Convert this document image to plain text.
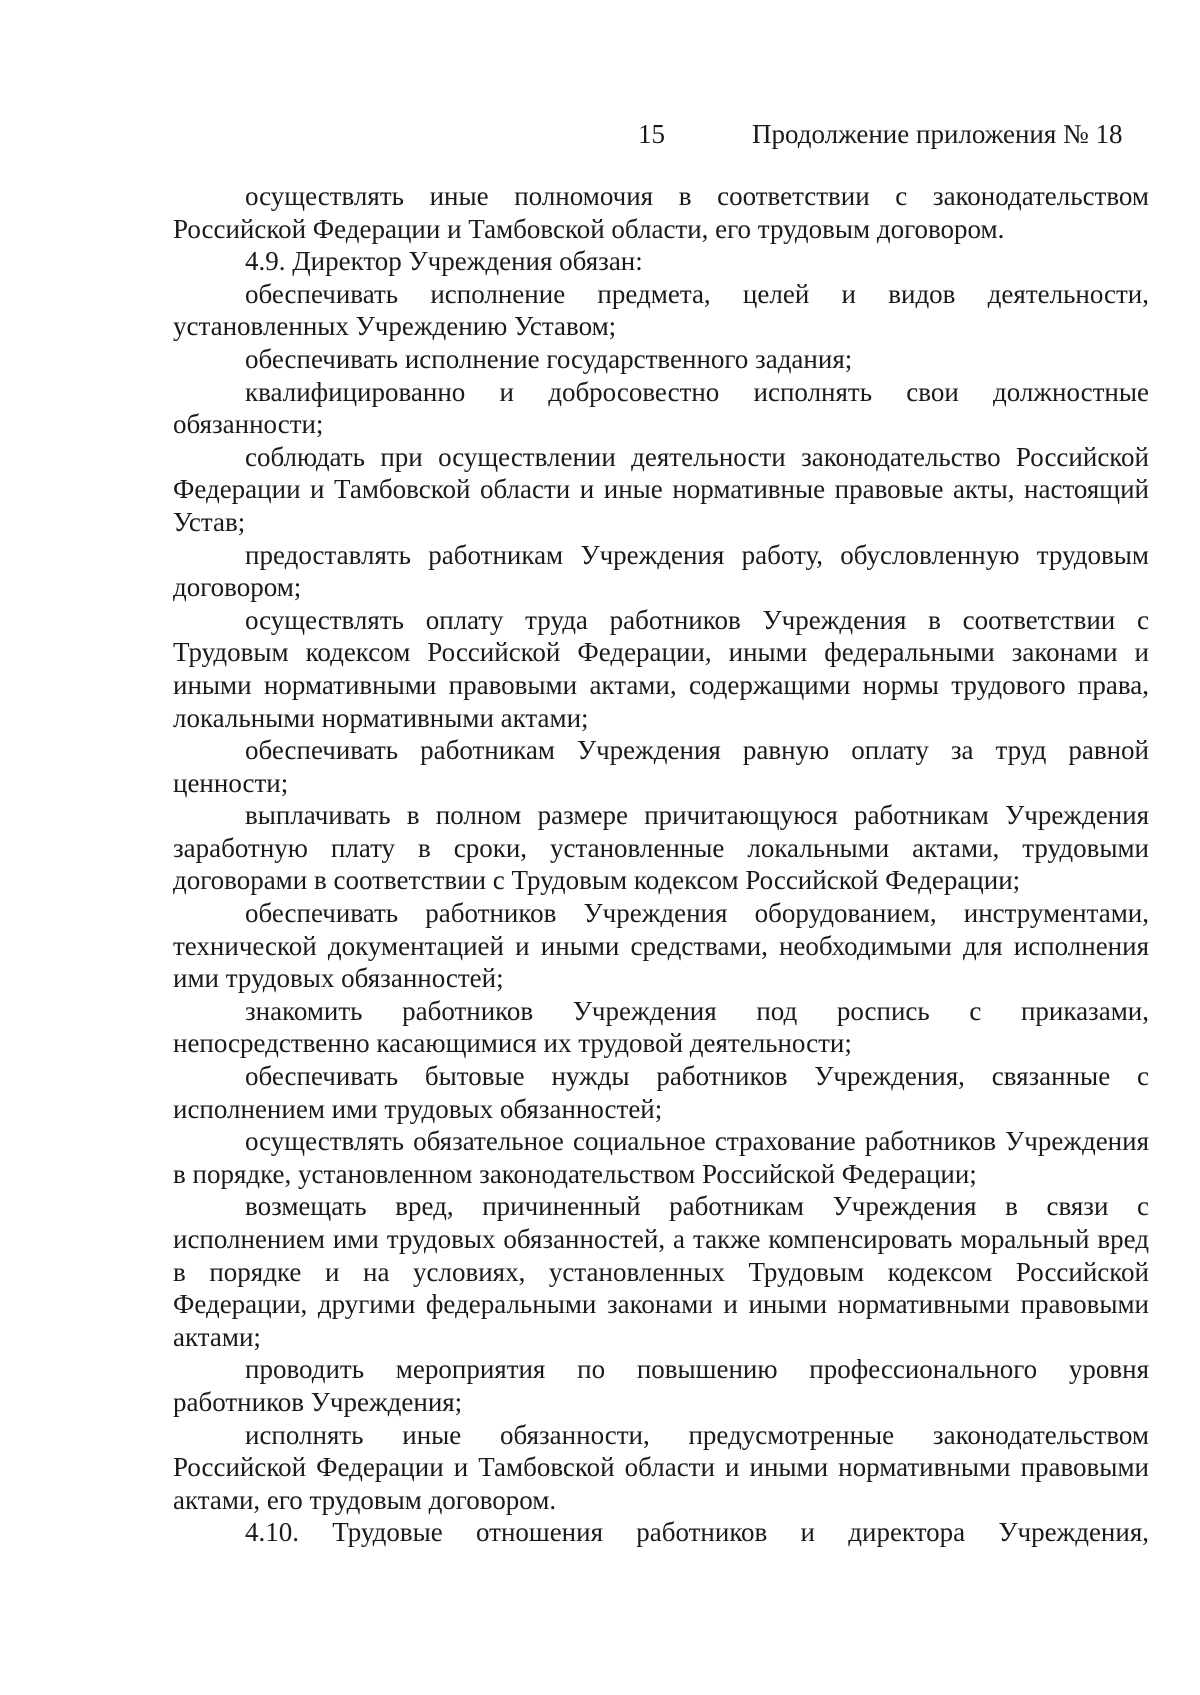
15	Продолжение приложения № 18

осуществлять иные полномочия в соответствии с законодательством Российской Федерации и Тамбовской области, его трудовым договором.

4.9. Директор Учреждения обязан:

обеспечивать исполнение предмета, целей и видов деятельности, установленных Учреждению Уставом;

обеспечивать исполнение государственного задания;

квалифицированно и добросовестно исполнять свои должностные обязанности;

соблюдать при осуществлении деятельности законодательство Российской Федерации и Тамбовской области и иные нормативные правовые акты, настоящий Устав;

предоставлять работникам Учреждения работу, обусловленную трудовым договором;

осуществлять оплату труда работников Учреждения в соответствии с Трудовым кодексом Российской Федерации, иными федеральными законами и иными нормативными правовыми актами, содержащими нормы трудового права, локальными нормативными актами;

обеспечивать работникам Учреждения равную оплату за труд равной ценности;

выплачивать в полном размере причитающуюся работникам Учреждения заработную плату в сроки, установленные локальными актами, трудовыми договорами в соответствии с Трудовым кодексом Российской Федерации;

обеспечивать работников Учреждения оборудованием, инструментами, технической документацией и иными средствами, необходимыми для исполнения ими трудовых обязанностей;

знакомить работников Учреждения под роспись с приказами, непосредственно касающимися их трудовой деятельности;

обеспечивать бытовые нужды работников Учреждения, связанные с исполнением ими трудовых обязанностей;

осуществлять обязательное социальное страхование работников Учреждения в порядке, установленном законодательством Российской Федерации;

возмещать вред, причиненный работникам Учреждения в связи с исполнением ими трудовых обязанностей, а также компенсировать моральный вред в порядке и на условиях, установленных Трудовым кодексом Российской Федерации, другими федеральными законами и иными нормативными правовыми актами;

проводить мероприятия по повышению профессионального уровня работников Учреждения;

исполнять иные обязанности, предусмотренные законодательством Российской Федерации и Тамбовской области и иными нормативными правовыми актами, его трудовым договором.

4.10. Трудовые отношения работников и директора Учреждения,
